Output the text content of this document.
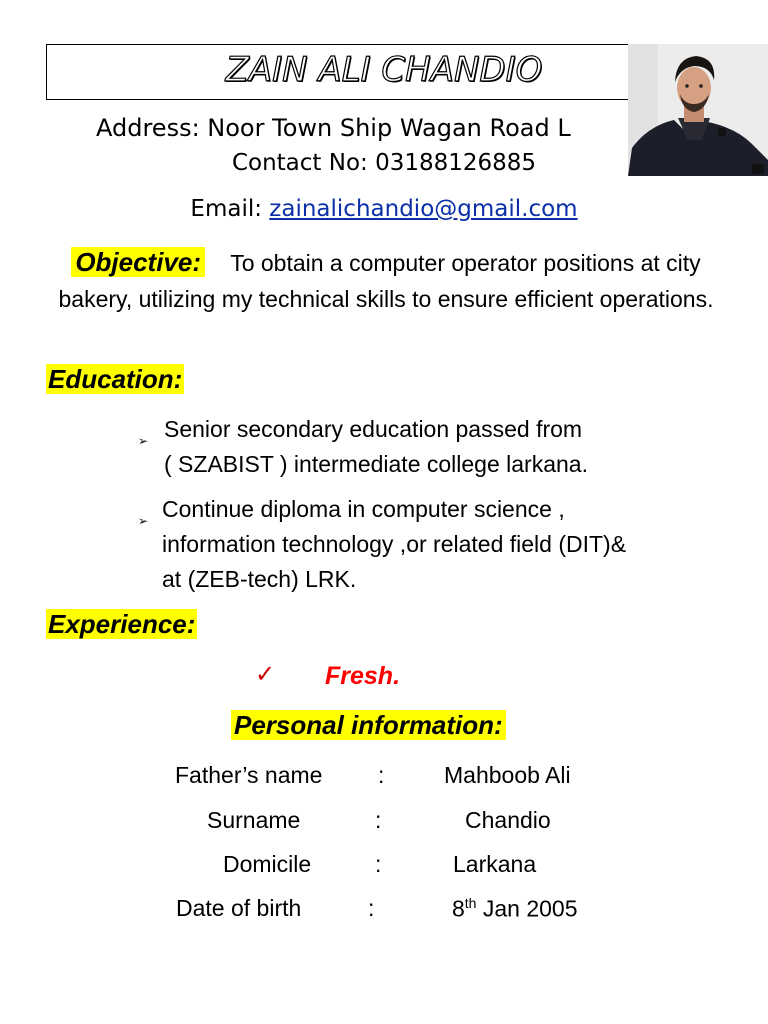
ZAIN ALI CHANDIO
Address: Noor Town Ship Wagan Road L
Contact No: 03188126885
Email: zainalichandio@gmail.com
Objective: To obtain a computer operator positions at city bakery, utilizing my technical skills to ensure efficient operations.
Education:
➢ Senior secondary education passed from
( SZABIST ) intermediate college larkana.
➢ Continue diploma in computer science ,
information technology ,or related field (DIT)&
at (ZEB-tech) LRK.
Experience:
✓ Fresh.
Personal information:
Father’s name :	Mahboob Ali
Surname	:	Chandio
Domicile	:	Larkana
Date of birth	:	8th Jan 2005
